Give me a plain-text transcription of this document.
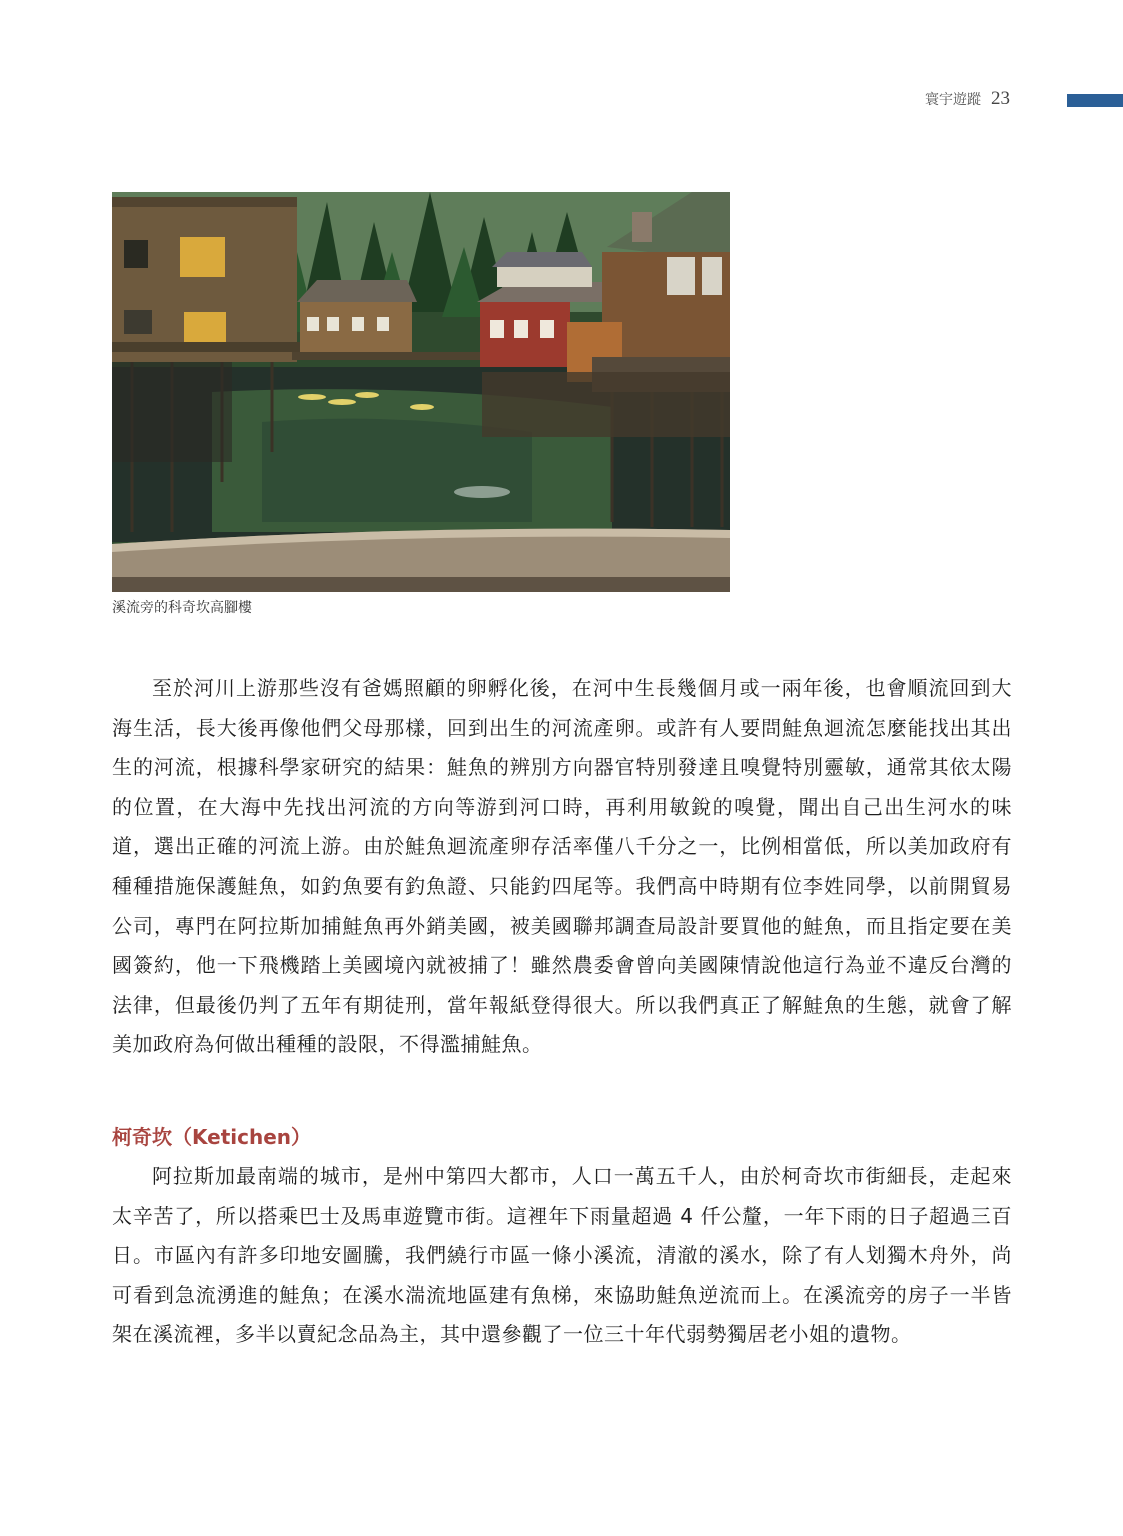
寰宇遊蹤 23
溪流旁的科奇坎高腳樓

至於河川上游那些沒有爸媽照顧的卵孵化後，在河中生長幾個月或一兩年後，也會順流回到大海生活，長大後再像他們父母那樣，回到出生的河流產卵。或許有人要問鮭魚迴流怎麼能找出其出生的河流，根據科學家研究的結果：鮭魚的辨別方向器官特別發達且嗅覺特別靈敏，通常其依太陽的位置，在大海中先找出河流的方向等游到河口時，再利用敏銳的嗅覺，聞出自己出生河水的味道，選出正確的河流上游。由於鮭魚迴流產卵存活率僅八千分之一，比例相當低，所以美加政府有種種措施保護鮭魚，如釣魚要有釣魚證、只能釣四尾等。我們高中時期有位李姓同學，以前開貿易公司，專門在阿拉斯加捕鮭魚再外銷美國，被美國聯邦調查局設計要買他的鮭魚，而且指定要在美國簽約，他一下飛機踏上美國境內就被捕了！雖然農委會曾向美國陳情說他這行為並不違反台灣的法律，但最後仍判了五年有期徒刑，當年報紙登得很大。所以我們真正了解鮭魚的生態，就會了解美加政府為何做出種種的設限，不得濫捕鮭魚。

柯奇坎（Ketichen）

阿拉斯加最南端的城市，是州中第四大都市，人口一萬五千人，由於柯奇坎市街細長，走起來太辛苦了，所以搭乘巴士及馬車遊覽市街。這裡年下雨量超過 4 仟公釐，一年下雨的日子超過三百日。市區內有許多印地安圖騰，我們繞行市區一條小溪流，清澈的溪水，除了有人划獨木舟外，尚可看到急流湧進的鮭魚；在溪水湍流地區建有魚梯，來協助鮭魚逆流而上。在溪流旁的房子一半皆架在溪流裡，多半以賣紀念品為主，其中還參觀了一位三十年代弱勢獨居老小姐的遺物。
